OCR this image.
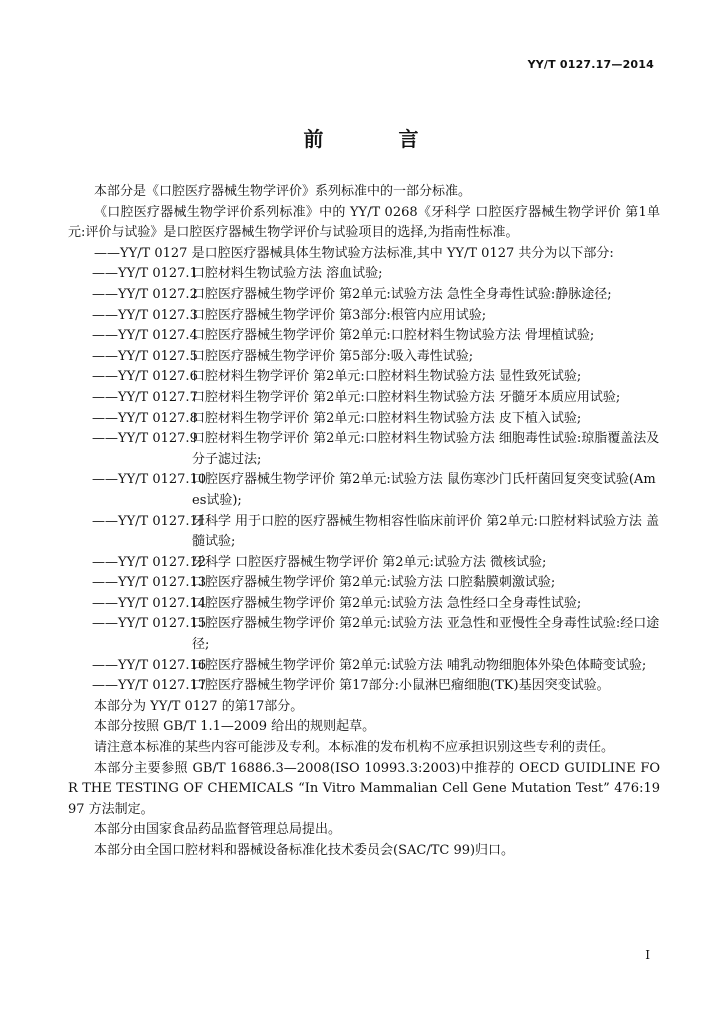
YY/T 0127.17—2014
前 言

本部分是《口腔医疗器械生物学评价》系列标准中的一部分标准。

《口腔医疗器械生物学评价系列标准》中的 YY/T 0268《牙科学 口腔医疗器械生物学评价 第1单元:评价与试验》是口腔医疗器械生物学评价与试验项目的选择,为指南性标准。

——YY/T 0127 是口腔医疗器械具体生物试验方法标准,其中 YY/T 0127 共分为以下部分:

——YY/T 0127.1
口腔材料生物试验方法 溶血试验;
——YY/T 0127.2
口腔医疗器械生物学评价 第2单元:试验方法 急性全身毒性试验:静脉途径;
——YY/T 0127.3
口腔医疗器械生物学评价 第3部分:根管内应用试验;
——YY/T 0127.4
口腔医疗器械生物学评价 第2单元:口腔材料生物试验方法 骨埋植试验;
——YY/T 0127.5
口腔医疗器械生物学评价 第5部分:吸入毒性试验;
——YY/T 0127.6
口腔材料生物学评价 第2单元:口腔材料生物试验方法 显性致死试验;
——YY/T 0127.7
口腔材料生物学评价 第2单元:口腔材料生物试验方法 牙髓牙本质应用试验;
——YY/T 0127.8
口腔材料生物学评价 第2单元:口腔材料生物试验方法 皮下植入试验;
——YY/T 0127.9
口腔材料生物学评价 第2单元:口腔材料生物试验方法 细胞毒性试验:琼脂覆盖法及分子滤过法;
——YY/T 0127.10
口腔医疗器械生物学评价 第2单元:试验方法 鼠伤寒沙门氏杆菌回复突变试验(Ames试验);
——YY/T 0127.11
牙科学 用于口腔的医疗器械生物相容性临床前评价 第2单元:口腔材料试验方法 盖髓试验;
——YY/T 0127.12
牙科学 口腔医疗器械生物学评价 第2单元:试验方法 微核试验;
——YY/T 0127.13
口腔医疗器械生物学评价 第2单元:试验方法 口腔黏膜刺激试验;
——YY/T 0127.14
口腔医疗器械生物学评价 第2单元:试验方法 急性经口全身毒性试验;
——YY/T 0127.15
口腔医疗器械生物学评价 第2单元:试验方法 亚急性和亚慢性全身毒性试验:经口途径;
——YY/T 0127.16
口腔医疗器械生物学评价 第2单元:试验方法 哺乳动物细胞体外染色体畸变试验;
——YY/T 0127.17
口腔医疗器械生物学评价 第17部分:小鼠淋巴瘤细胞(TK)基因突变试验。

本部分为 YY/T 0127 的第17部分。

本部分按照 GB/T 1.1—2009 给出的规则起草。

请注意本标准的某些内容可能涉及专利。本标准的发布机构不应承担识别这些专利的责任。

本部分主要参照 GB/T 16886.3—2008(ISO 10993.3:2003)中推荐的 OECD GUIDLINE FOR THE TESTING OF CHEMICALS “In Vitro Mammalian Cell Gene Mutation Test” 476:1997 方法制定。

本部分由国家食品药品监督管理总局提出。

本部分由全国口腔材料和器械设备标准化技术委员会(SAC/TC 99)归口。

I
